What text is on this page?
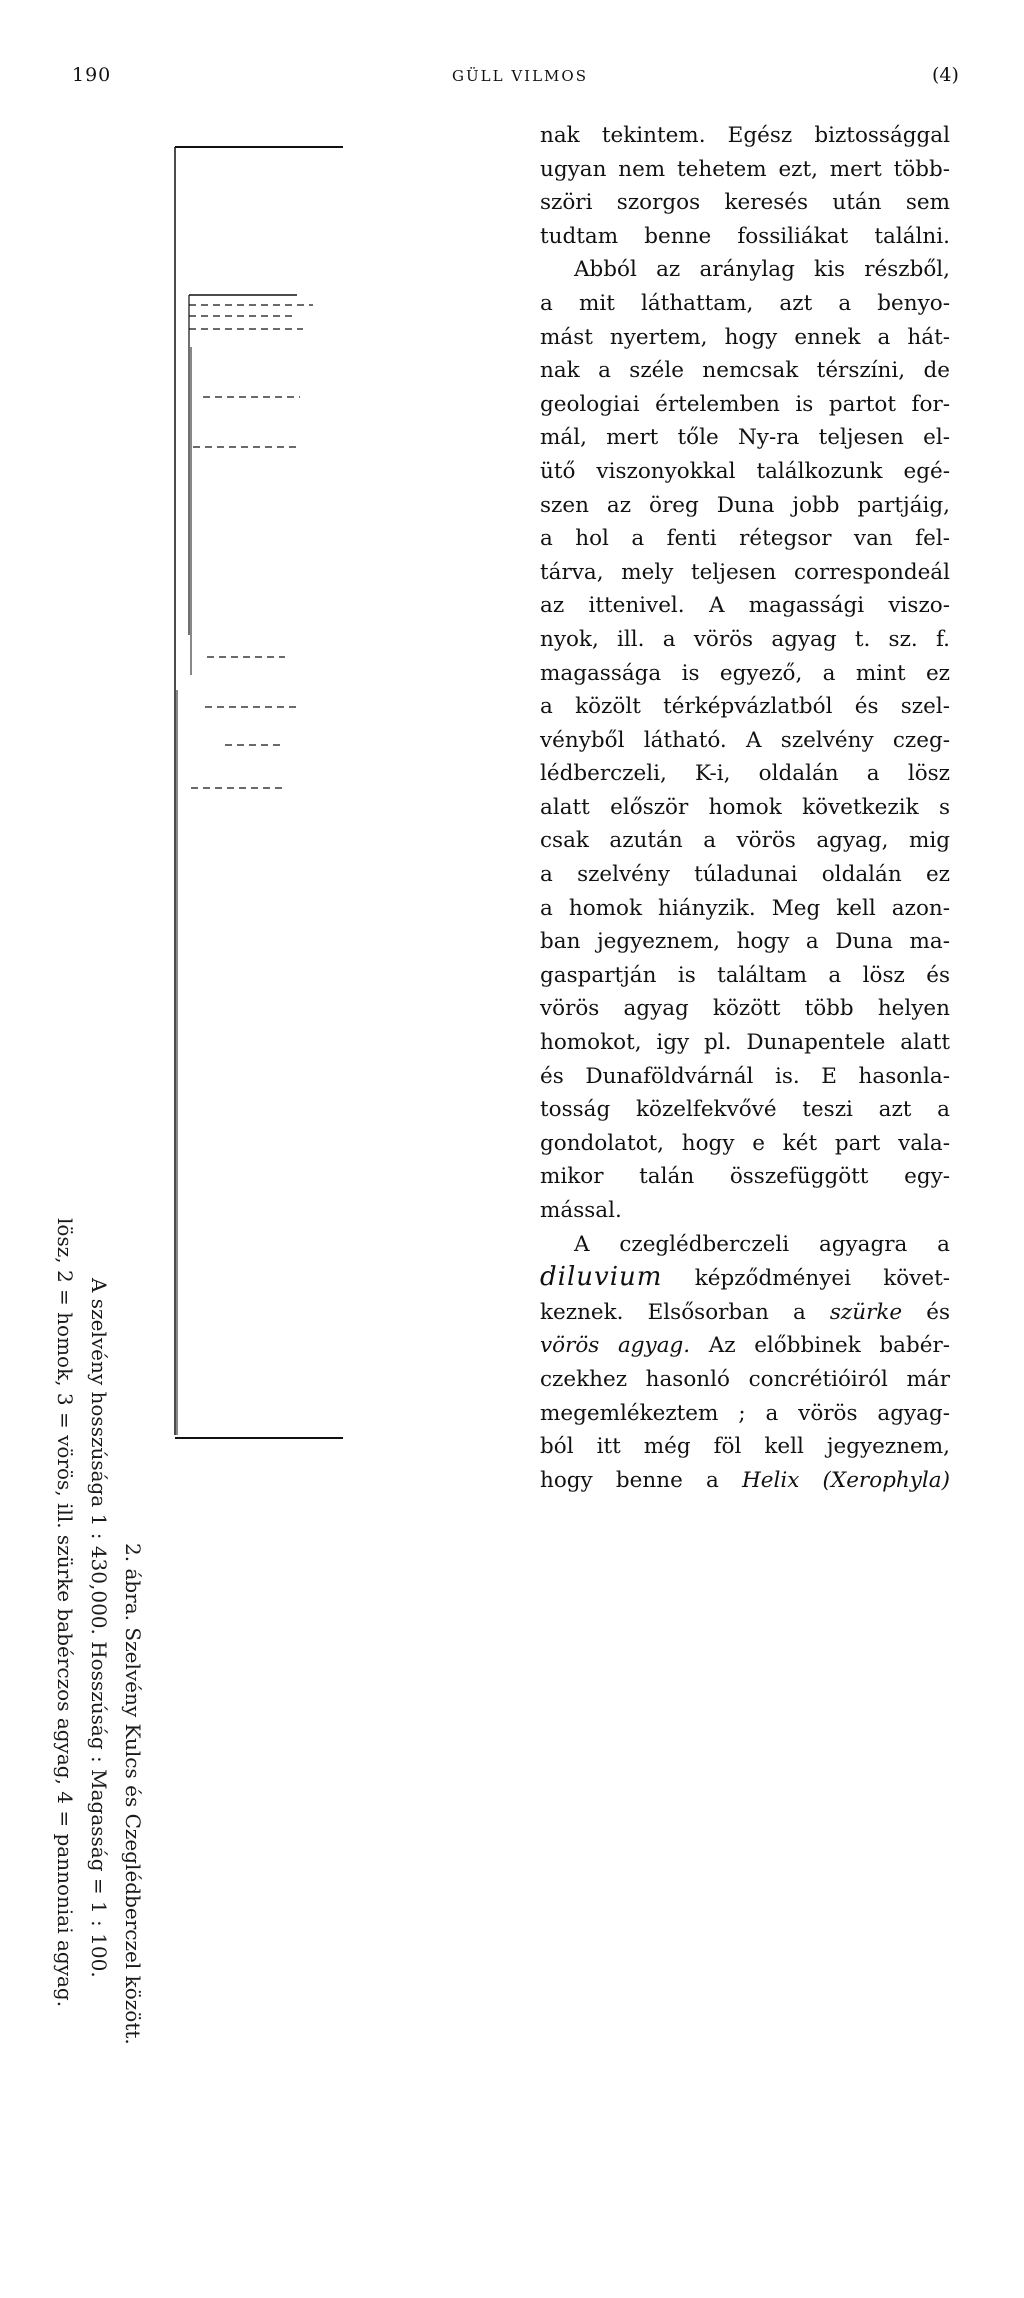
190	GÜLL VILMOS	(4)
2. ábra. Szelvény Kulcs és Czeglédberczel között.
A szelvény hosszúsága 1 : 430,000. Hosszúság : Magasság = 1 : 100.
lösz, 2 = homok, 3 = vörös, ill. szürke babérczos agyag, 4 = pannoniai agyag.
nak tekintem. Egész biztossággal
ugyan nem tehetem ezt, mert több-
szöri szorgos keresés után sem
tudtam benne fossiliákat találni.
Abból az aránylag kis részből,
a mit láthattam, azt a benyo-
mást nyertem, hogy ennek a hát-
nak a széle nemcsak térszíni, de
geologiai értelemben is partot for-
mál, mert tőle Ny-ra teljesen el-
ütő viszonyokkal találkozunk egé-
szen az öreg Duna jobb partjáig,
a hol a fenti rétegsor van fel-
tárva, mely teljesen correspondeál
az ittenivel. A magassági viszo-
nyok, ill. a vörös agyag t. sz. f.
magassága is egyező, a mint ez
a közölt térképvázlatból és szel-
vényből látható. A szelvény czeg-
lédberczeli, K-i, oldalán a lösz
alatt először homok következik s
csak azután a vörös agyag, mig
a szelvény túladunai oldalán ez
a homok hiányzik. Meg kell azon-
ban jegyeznem, hogy a Duna ma-
gaspartján is találtam a lösz és
vörös agyag között több helyen
homokot, igy pl. Dunapentele alatt
és Dunaföldvárnál is. E hasonla-
tosság közelfekvővé teszi azt a
gondolatot, hogy e két part vala-
mikor talán összefüggött egy-
mással.
A czeglédberczeli agyagra a
diluvium képződményei követ-
keznek. Elsősorban a szürke és
vörös agyag. Az előbbinek babér-
czekhez hasonló concrétióiról már
megemlékeztem ; a vörös agyag-
ból itt még föl kell jegyeznem,
hogy benne a Helix (Xerophyla)
